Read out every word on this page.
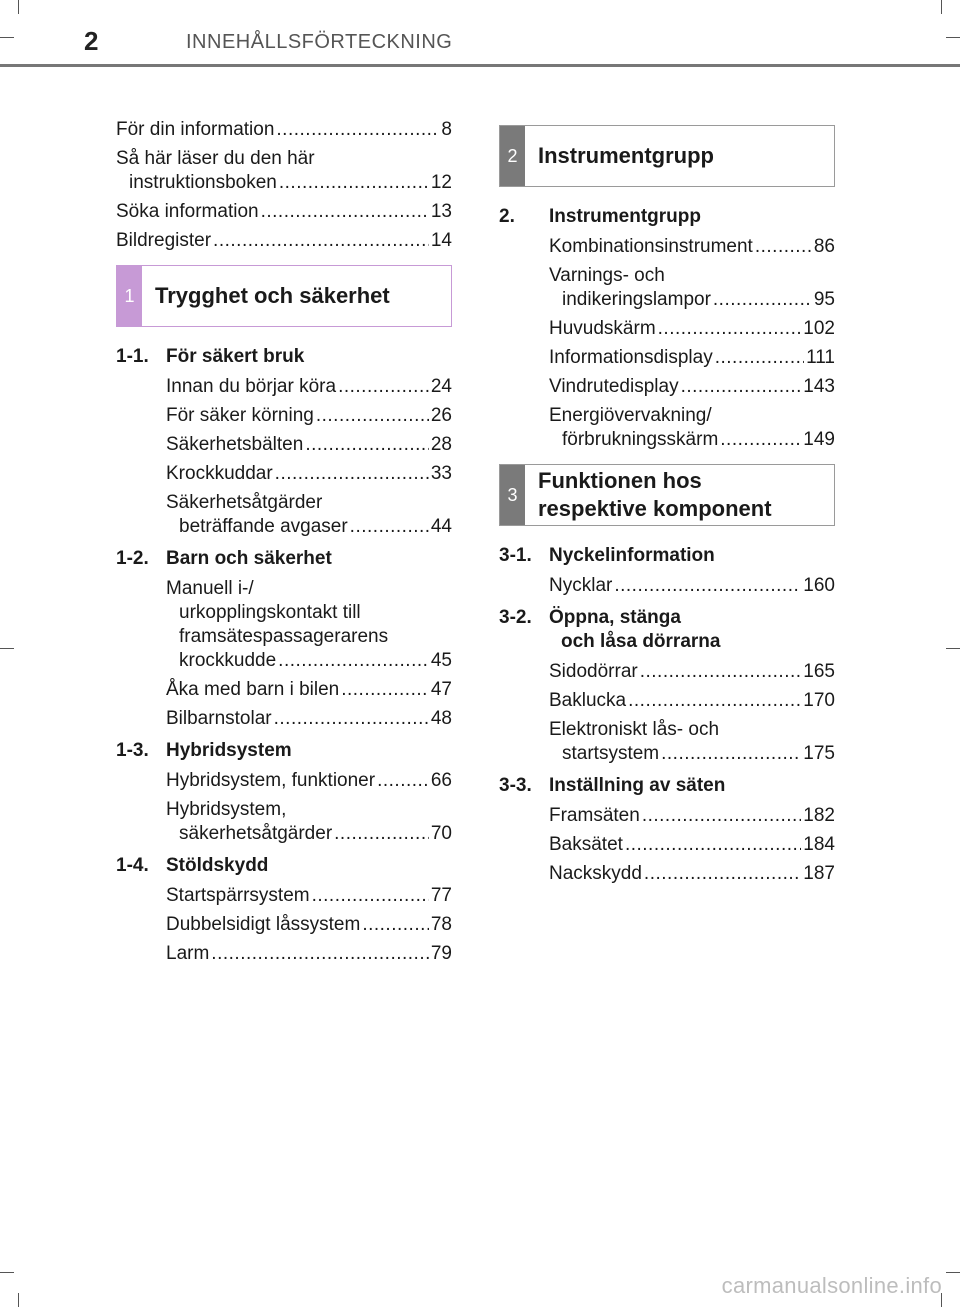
2	INNEHÅLLSFÖRTECKNING
För din information .....	8
Så här läser du den här
instruktionsboken .....	12
Söka information .....	13
Bildregister .....	14
1 Trygghet och säkerhet
1-1. För säkert bruk
Innan du börjar köra .....	24
För säker körning .....	26
Säkerhetsbälten .....	28
Krockkuddar .....	33
Säkerhetsåtgärder
beträffande avgaser .....	44
1-2. Barn och säkerhet
Manuell i-/
urkopplingskontakt till
framsätespassagerarens
krockkudde .....	45
Åka med barn i bilen .....	47
Bilbarnstolar .....	48
1-3. Hybridsystem
Hybridsystem, funktioner .....	66
Hybridsystem,
säkerhetsåtgärder .....	70
1-4. Stöldskydd
Startspärrsystem .....	77
Dubbelsidigt låssystem .....	78
Larm .....	79
2 Instrumentgrupp
2.	Instrumentgrupp
Kombinationsinstrument .....	86
Varnings- och
indikeringslampor .....	95
Huvudskärm .....	102
Informationsdisplay .....	111
Vindrutedisplay .....	143
Energiövervakning/
förbrukningsskärm .....	149
3
Funktionen hos
respektive komponent
3-1. Nyckelinformation
Nycklar .....	160
3-2. Öppna, stänga
och låsa dörrarna
Sidodörrar .....	165
Baklucka .....	170
Elektroniskt lås- och
startsystem .....	175
3-3. Inställning av säten
Framsäten .....	182
Baksätet .....	184
Nackskydd .....	187
carmanualsonline.info
